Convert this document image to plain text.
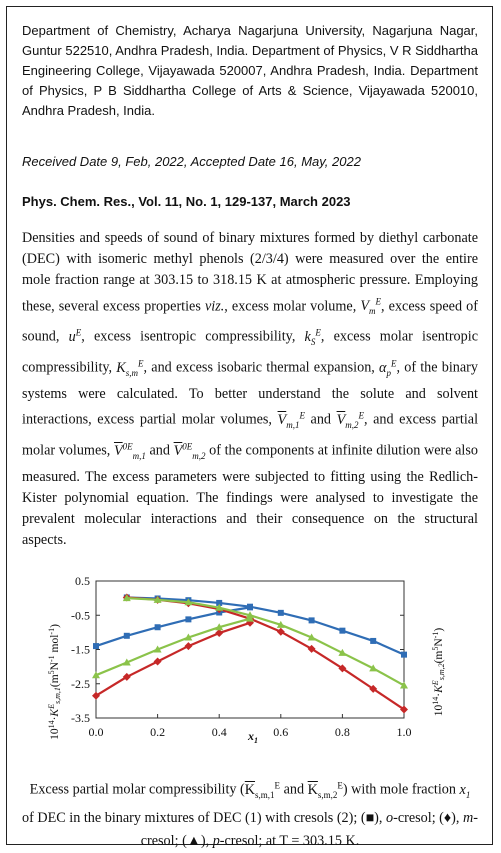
Department of Chemistry, Acharya Nagarjuna University, Nagarjuna Nagar, Guntur 522510, Andhra Pradesh, India. Department of Physics, V R Siddhartha Engineering College, Vijayawada 520007, Andhra Pradesh, India. Department of Physics, P B Siddhartha College of Arts & Science, Vijayawada 520010, Andhra Pradesh, India.
Received Date 9, Feb, 2022, Accepted Date 16, May, 2022
Phys. Chem. Res., Vol. 11, No. 1, 129-137, March 2023
Densities and speeds of sound of binary mixtures formed by diethyl carbonate (DEC) with isomeric methyl phenols (2/3/4) were measured over the entire mole fraction range at 303.15 to 318.15 K at atmospheric pressure. Employing these, several excess properties viz., excess molar volume, $V_m^E$, excess speed of sound, $u^E$, excess isentropic compressibility, $k_S^E$, excess molar isentropic compressibility, $K_{s,m}^E$, and excess isobaric thermal expansion, $\alpha_p^E$, of the binary systems were calculated. To better understand the solute and solvent interactions, excess partial molar volumes, $\overline{V}_{m,1}^E$ and $\overline{V}_{m,2}^E$, and excess partial molar volumes, $\overline{V}^{0E}_{m,1}$ and $\overline{V}^{0E}_{m,2}$ of the components at infinite dilution were also measured. The excess parameters were subjected to fitting using the Redlich-Kister polynomial equation. The findings were analysed to investigate the prevalent molecular interactions and their consequence on the structural aspects.
0.5
-0.5
-1.5
-2.5
-3.5
0.0	0.2	0.4	0.6	0.8	1.0
$10^{14}\cdot K^E_{s,m,1}(m^5N^{-1}$ mol$^{-1}$)
$10^{14}\cdot K^E_{s,m,2}(m^5N^{-1})$
$x_1$
Excess partial molar compressibility ($\overline{K}_{s,m,1}^E$ and $\overline{K}_{s,m,2}^E$) with mole fraction $x_1$ of DEC in the binary mixtures of DEC (1) with cresols (2); (■), o-cresol; (♦), m-cresol; (▲), p-cresol; at T = 303.15 K.
